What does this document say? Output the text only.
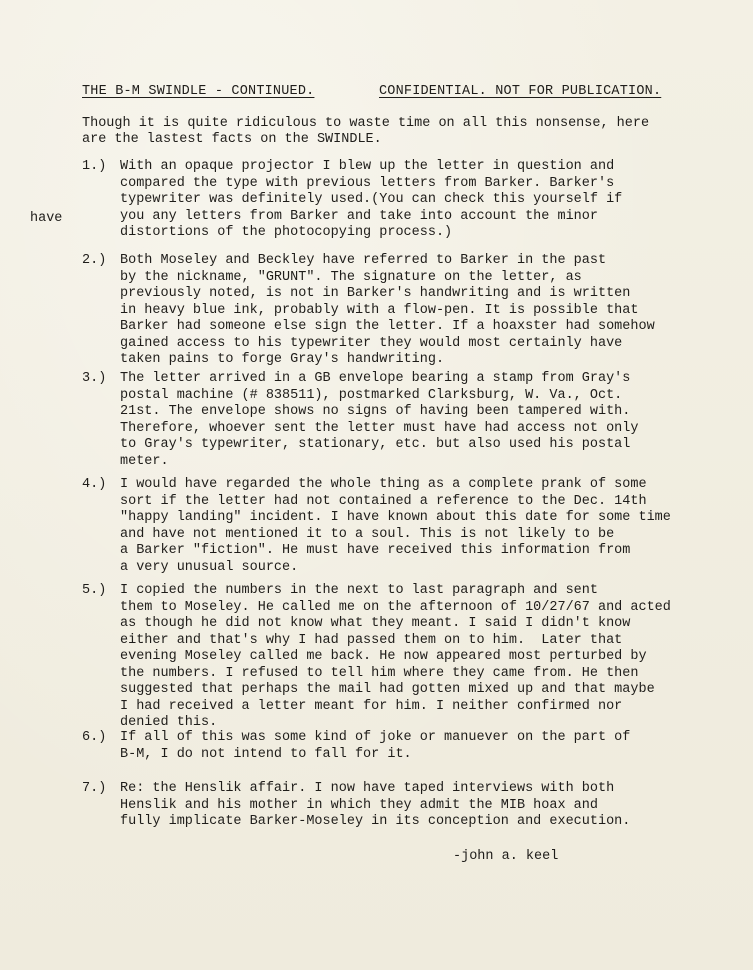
THE B-M SWINDLE - CONTINUED.	CONFIDENTIAL. NOT FOR PUBLICATION.
Though it is quite ridiculous to waste time on all this nonsense, here
are the lastest facts on the SWINDLE.
have
1.)	With an opaque projector I blew up the letter in question and
compared the type with previous letters from Barker. Barker's
typewriter was definitely used.(You can check this yourself if
you any letters from Barker and take into account the minor
distortions of the photocopying process.)
2.)	Both Moseley and Beckley have referred to Barker in the past
by the nickname, "GRUNT". The signature on the letter, as
previously noted, is not in Barker's handwriting and is written
in heavy blue ink, probably with a flow-pen. It is possible that
Barker had someone else sign the letter. If a hoaxster had somehow
gained access to his typewriter they would most certainly have
taken pains to forge Gray's handwriting.
3.)	The letter arrived in a GB envelope bearing a stamp from Gray's
postal machine (# 838511), postmarked Clarksburg, W. Va., Oct.
21st. The envelope shows no signs of having been tampered with.
Therefore, whoever sent the letter must have had access not only
to Gray's typewriter, stationary, etc. but also used his postal
meter.
4.)	I would have regarded the whole thing as a complete prank of some
sort if the letter had not contained a reference to the Dec. 14th
"happy landing" incident. I have known about this date for some time
and have not mentioned it to a soul. This is not likely to be
a Barker "fiction". He must have received this information from
a very unusual source.
5.)	I copied the numbers in the next to last paragraph and sent
them to Moseley. He called me on the afternoon of 10/27/67 and acted
as though he did not know what they meant. I said I didn't know
either and that's why I had passed them on to him.  Later that
evening Moseley called me back. He now appeared most perturbed by
the numbers. I refused to tell him where they came from. He then
suggested that perhaps the mail had gotten mixed up and that maybe
I had received a letter meant for him. I neither confirmed nor
denied this.
6.)	If all of this was some kind of joke or manuever on the part of
B-M, I do not intend to fall for it.
7.)	Re: the Henslik affair. I now have taped interviews with both
Henslik and his mother in which they admit the MIB hoax and
fully implicate Barker-Moseley in its conception and execution.
-john a. keel
